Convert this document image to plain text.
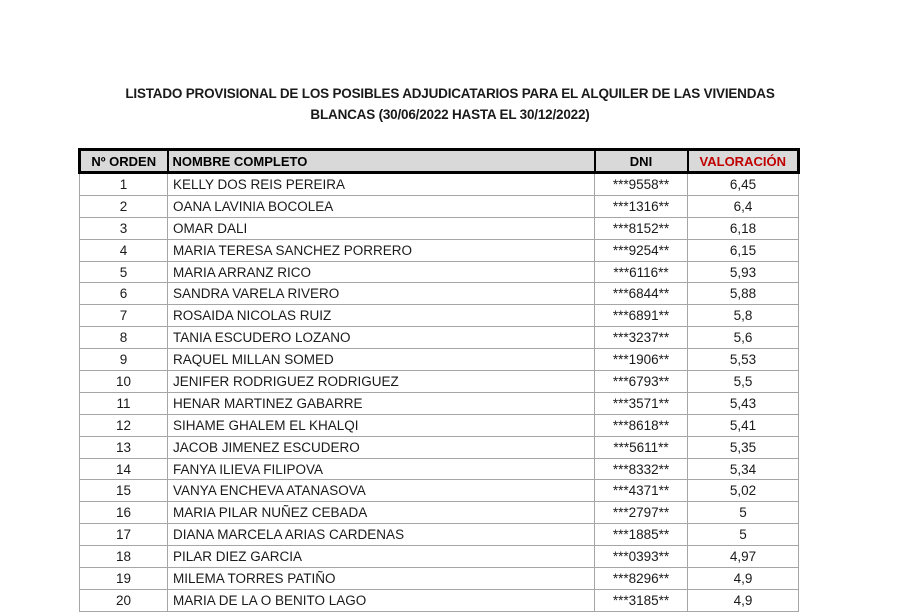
LISTADO PROVISIONAL DE LOS POSIBLES ADJUDICATARIOS PARA EL ALQUILER DE LAS VIVIENDAS
BLANCAS (30/06/2022 HASTA EL 30/12/2022)
Nº ORDEN	NOMBRE COMPLETO	DNI	VALORACIÓN
1	KELLY DOS REIS PEREIRA	***9558**	6,45
2	OANA LAVINIA BOCOLEA	***1316**	6,4
3	OMAR DALI	***8152**	6,18
4	MARIA TERESA SANCHEZ PORRERO	***9254**	6,15
5	MARIA ARRANZ RICO	***6116**	5,93
6	SANDRA VARELA RIVERO	***6844**	5,88
7	ROSAIDA NICOLAS RUIZ	***6891**	5,8
8	TANIA ESCUDERO LOZANO	***3237**	5,6
9	RAQUEL MILLAN SOMED	***1906**	5,53
10	JENIFER RODRIGUEZ RODRIGUEZ	***6793**	5,5
11	HENAR MARTINEZ GABARRE	***3571**	5,43
12	SIHAME GHALEM EL KHALQI	***8618**	5,41
13	JACOB JIMENEZ ESCUDERO	***5611**	5,35
14	FANYA ILIEVA FILIPOVA	***8332**	5,34
15	VANYA ENCHEVA ATANASOVA	***4371**	5,02
16	MARIA PILAR NUÑEZ CEBADA	***2797**	5
17	DIANA MARCELA ARIAS CARDENAS	***1885**	5
18	PILAR DIEZ GARCIA	***0393**	4,97
19	MILEMA TORRES PATIÑO	***8296**	4,9
20	MARIA DE LA O BENITO LAGO	***3185**	4,9
